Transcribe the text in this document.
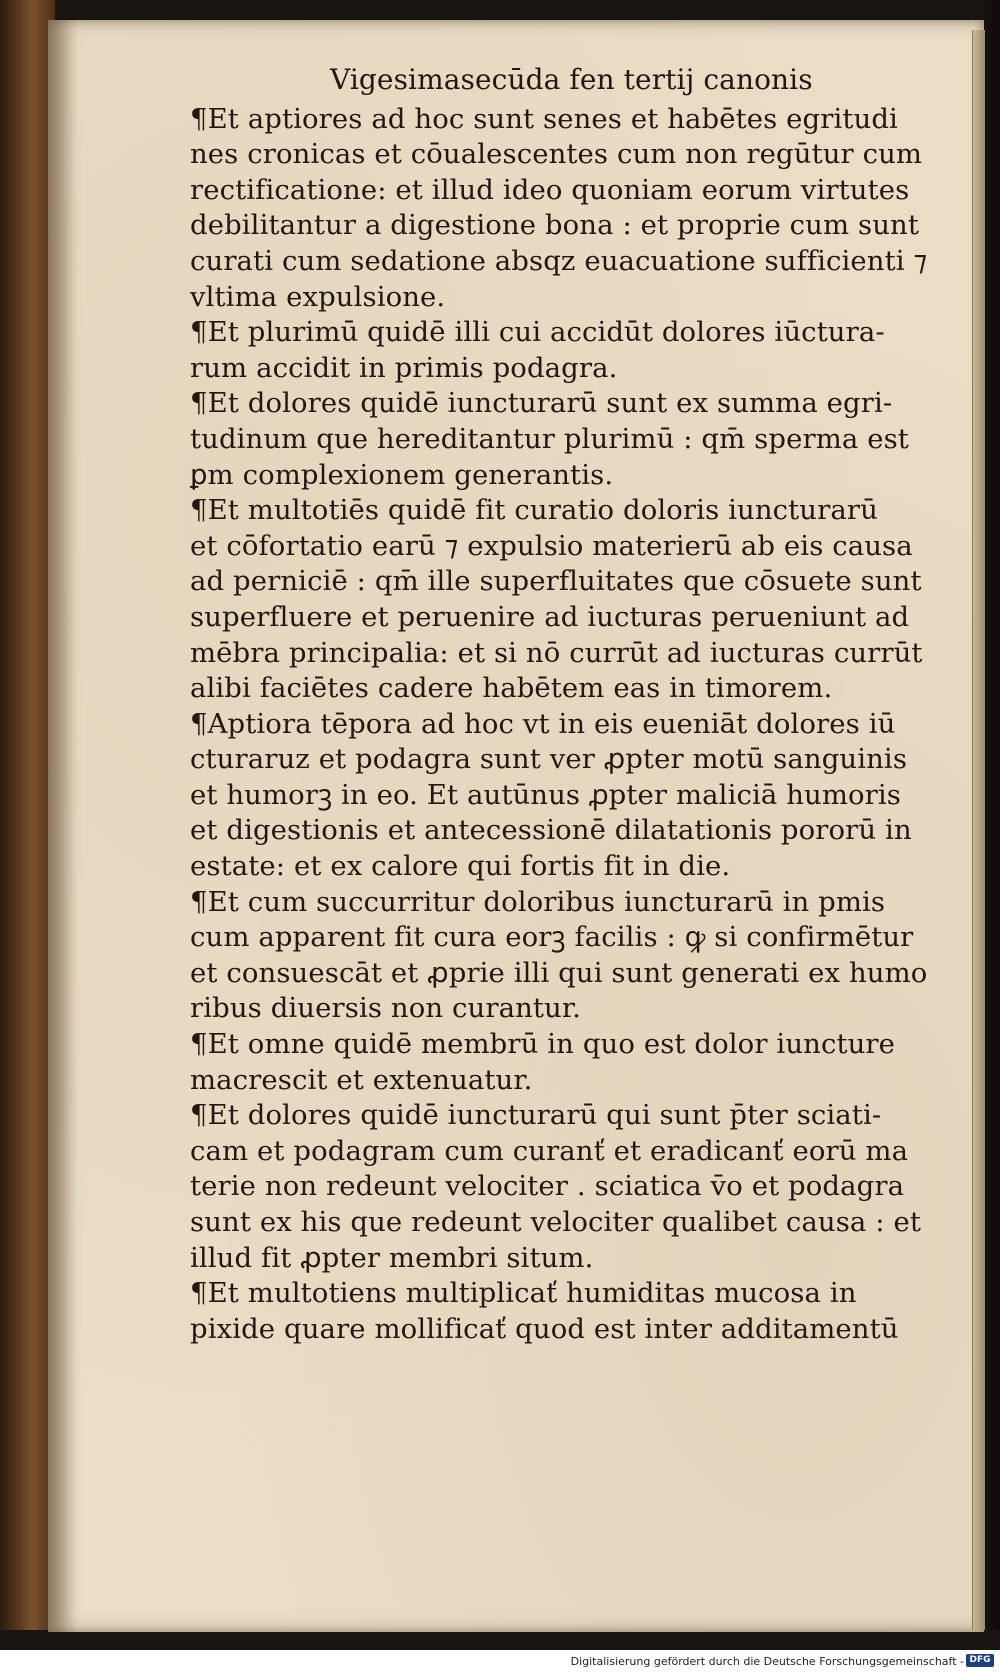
Vigesimasecūda fen tertij canonis
¶Et aptiores ad hoc sunt senes et habētes egritudi
nes cronicas et cōualescentes cum non regūtur cum
rectificatione: et illud ideo quoniam eorum virtutes
debilitantur a digestione bona : et proprie cum sunt
curati cum sedatione absqz euacuatione sufficienti ⁊
vltima expulsione.
¶Et plurimū quidē illi cui accidūt dolores iūctura-
rum accidit in primis podagra.
¶Et dolores quidē iuncturarū sunt ex summa egri-
tudinum que hereditantur plurimū : qm̄ sperma est
ꝑm complexionem generantis.
¶Et multotiēs quidē fit curatio doloris iuncturarū
et cōfortatio earū ⁊ expulsio materierū ab eis causa
ad perniciē : qm̄ ille superfluitates que cōsuete sunt
superfluere et peruenire ad iucturas perueniunt ad
mēbra principalia: et si nō currūt ad iucturas currūt
alibi faciētes cadere habētem eas in timorem.
¶Aptiora tēpora ad hoc vt in eis eueniāt dolores iū
cturaruz et podagra sunt ver ꝓpter motū sanguinis
et humorꝫ in eo. Et autūnus ꝓpter maliciā humoris
et digestionis et antecessionē dilatationis pororū in
estate: et ex calore qui fortis fit in die.
¶Et cum succurritur doloribus iuncturarū in pmis
cum apparent fit cura eorꝫ facilis : ꝙ si confirmētur
et consuescāt et ꝓprie illi qui sunt generati ex humo
ribus diuersis non curantur.
¶Et omne quidē membrū in quo est dolor iuncture
macrescit et extenuatur.
¶Et dolores quidē iuncturarū qui sunt p̄ter sciati-
cam et podagram cum curanť et eradicanť eorū ma
terie non redeunt velociter . sciatica v̄o et podagra
sunt ex his que redeunt velociter qualibet causa : et
illud fit ꝓpter membri situm.
¶Et multotiens multiplicať humiditas mucosa in
pixide quare mollificať quod est inter additamentū
Digitalisierung gefördert durch die Deutsche Forschungsgemeinschaft - DFG
